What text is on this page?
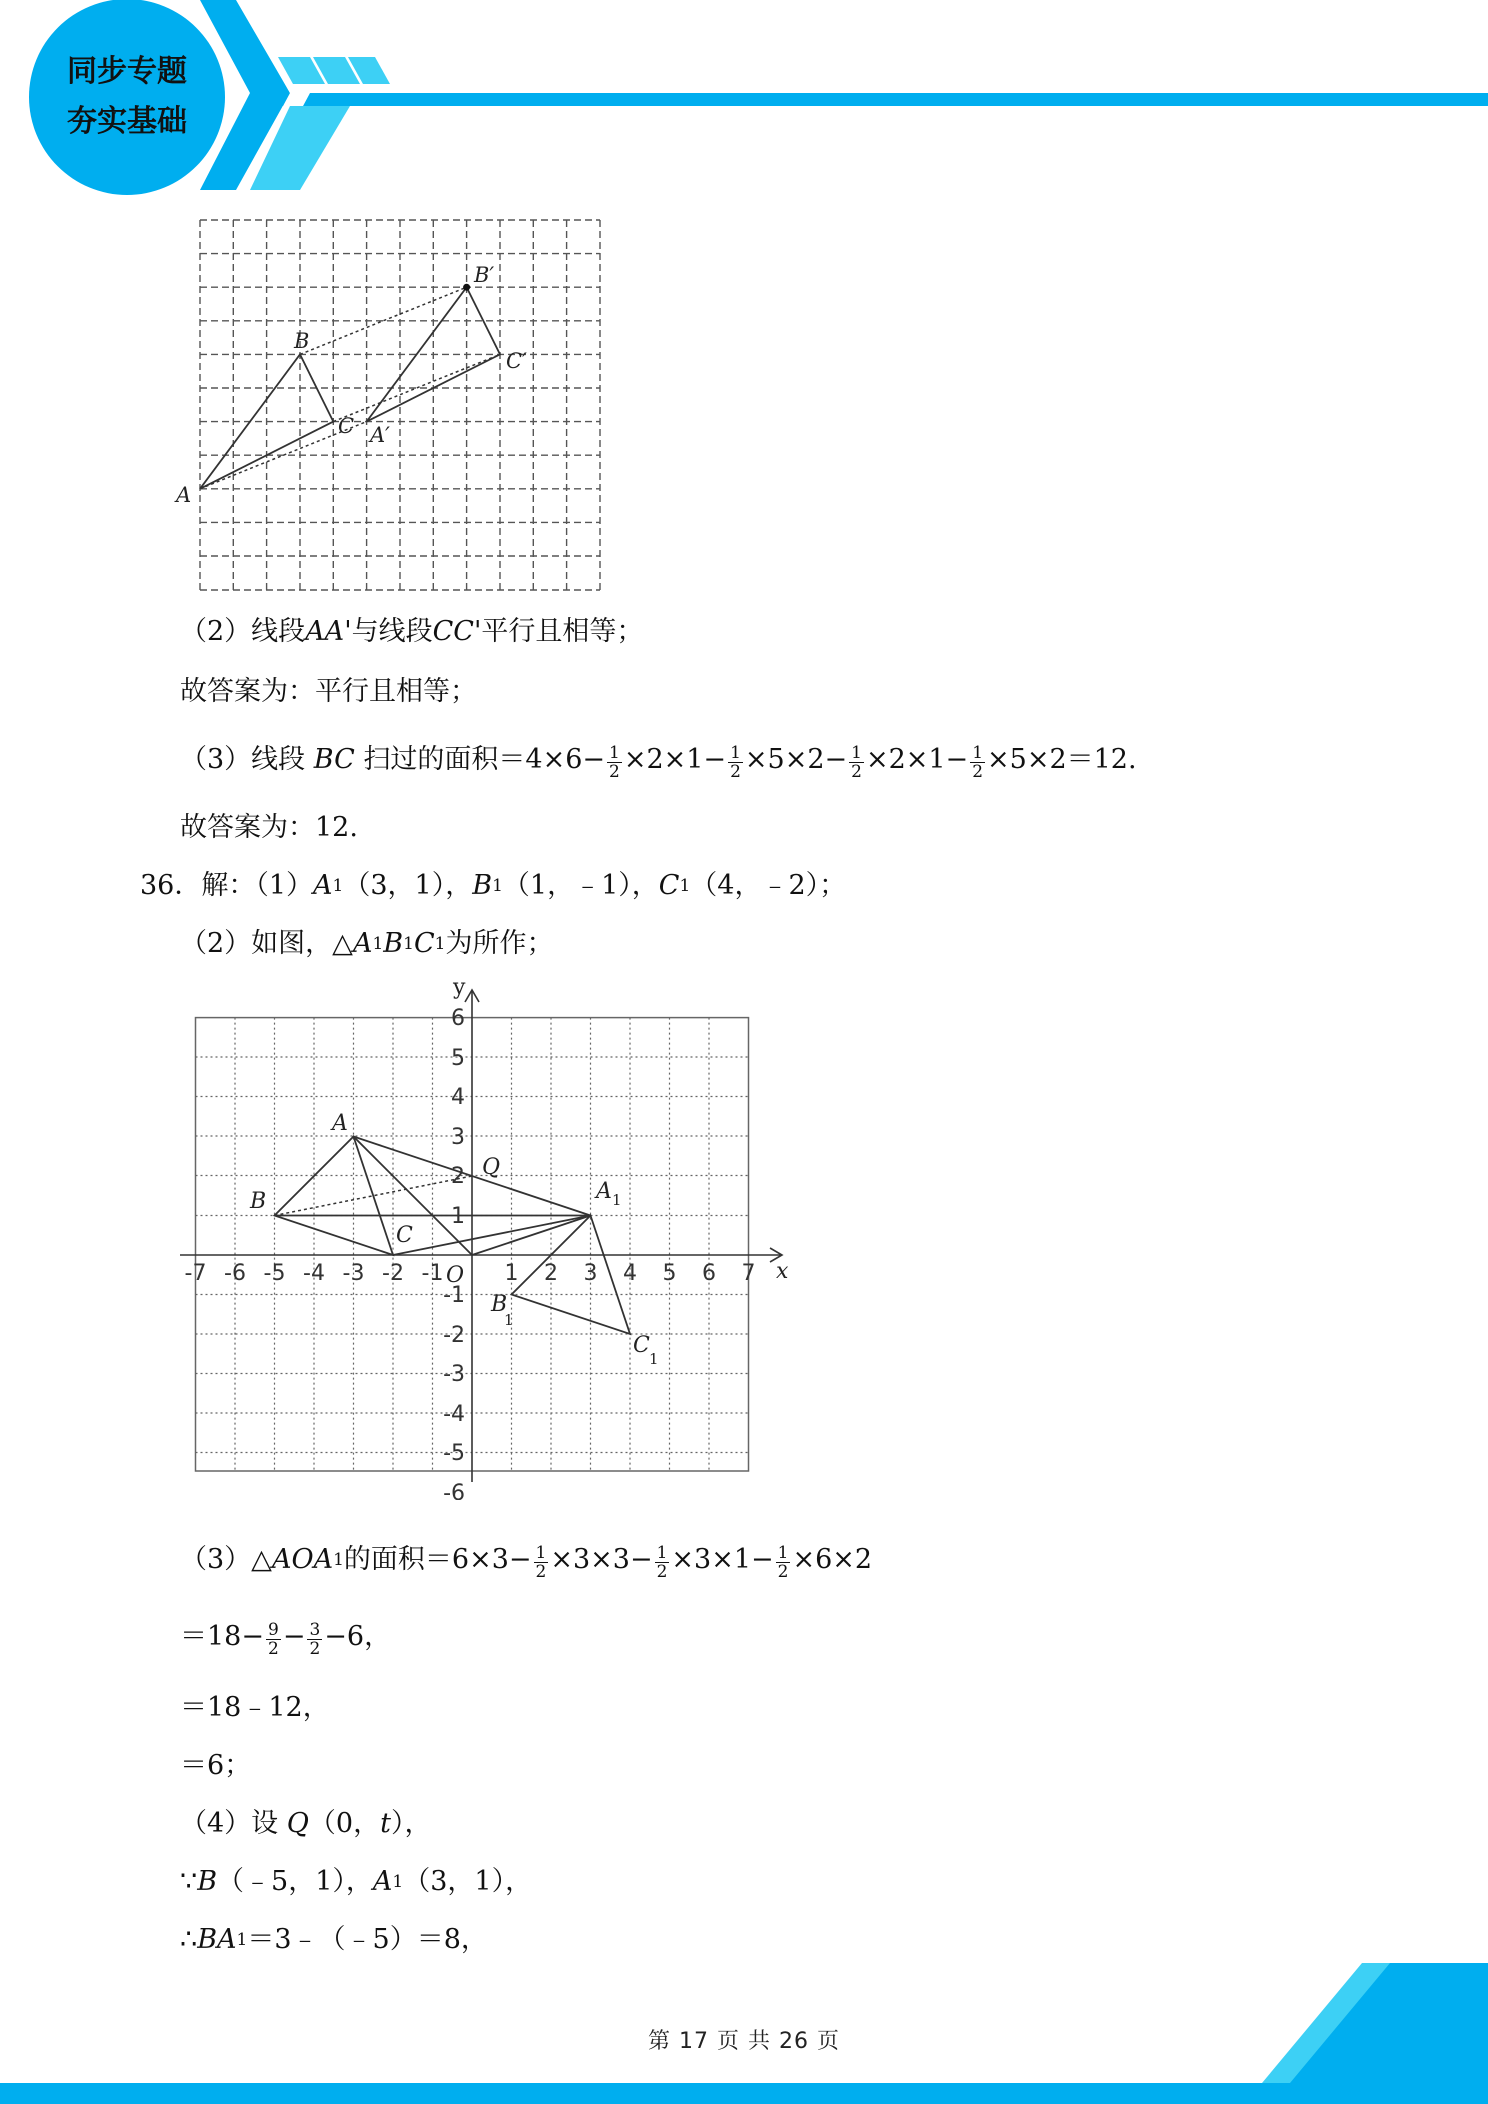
同步专题
夯实基础
A
B
C A′
B′
C′
（2）线段 AA '与线段 CC '平行且相等；
故答案为：平行且相等；
（3）线段
BC
扫过的面积$=4\times 6- \frac{1}{2} \times 2\times 1- \frac{1}{2} \times 5\times 2- \frac{1}{2} \times 2\times 1- \frac{1}{2} \times 5\times 2=12$.
故答案为：12.
36．解：（1） A 1 （3，1）， B 1 （1，﹣1）， C 1 （4，﹣2）；
（2）如图，△ A 1 B 1 C 1 为所作；
-7 -6 -5 -4 -3 -2 -1	1 2 3 4 5 6 7
6
5
4
3
2
1
-1
-2
-3
-4
-5
-6
y
x
O
A
B
C
Q
A 1
B
1
C
1
（3）△ AOA 1 的面积$=6\times 3- \frac{1}{2} \times 3\times 3- \frac{1}{2} \times 3\times 1- \frac{1}{2} \times 6\times 2$
$=18- \frac{9}{2} - \frac{3}{2} -6$，
＝18﹣12，
＝6；
（4）设
Q （0， t ），
∵ B （﹣5，1）， A 1 （3，1），
∴ BA 1 ＝3﹣（﹣5）＝8，
第 17 页 共 26 页
